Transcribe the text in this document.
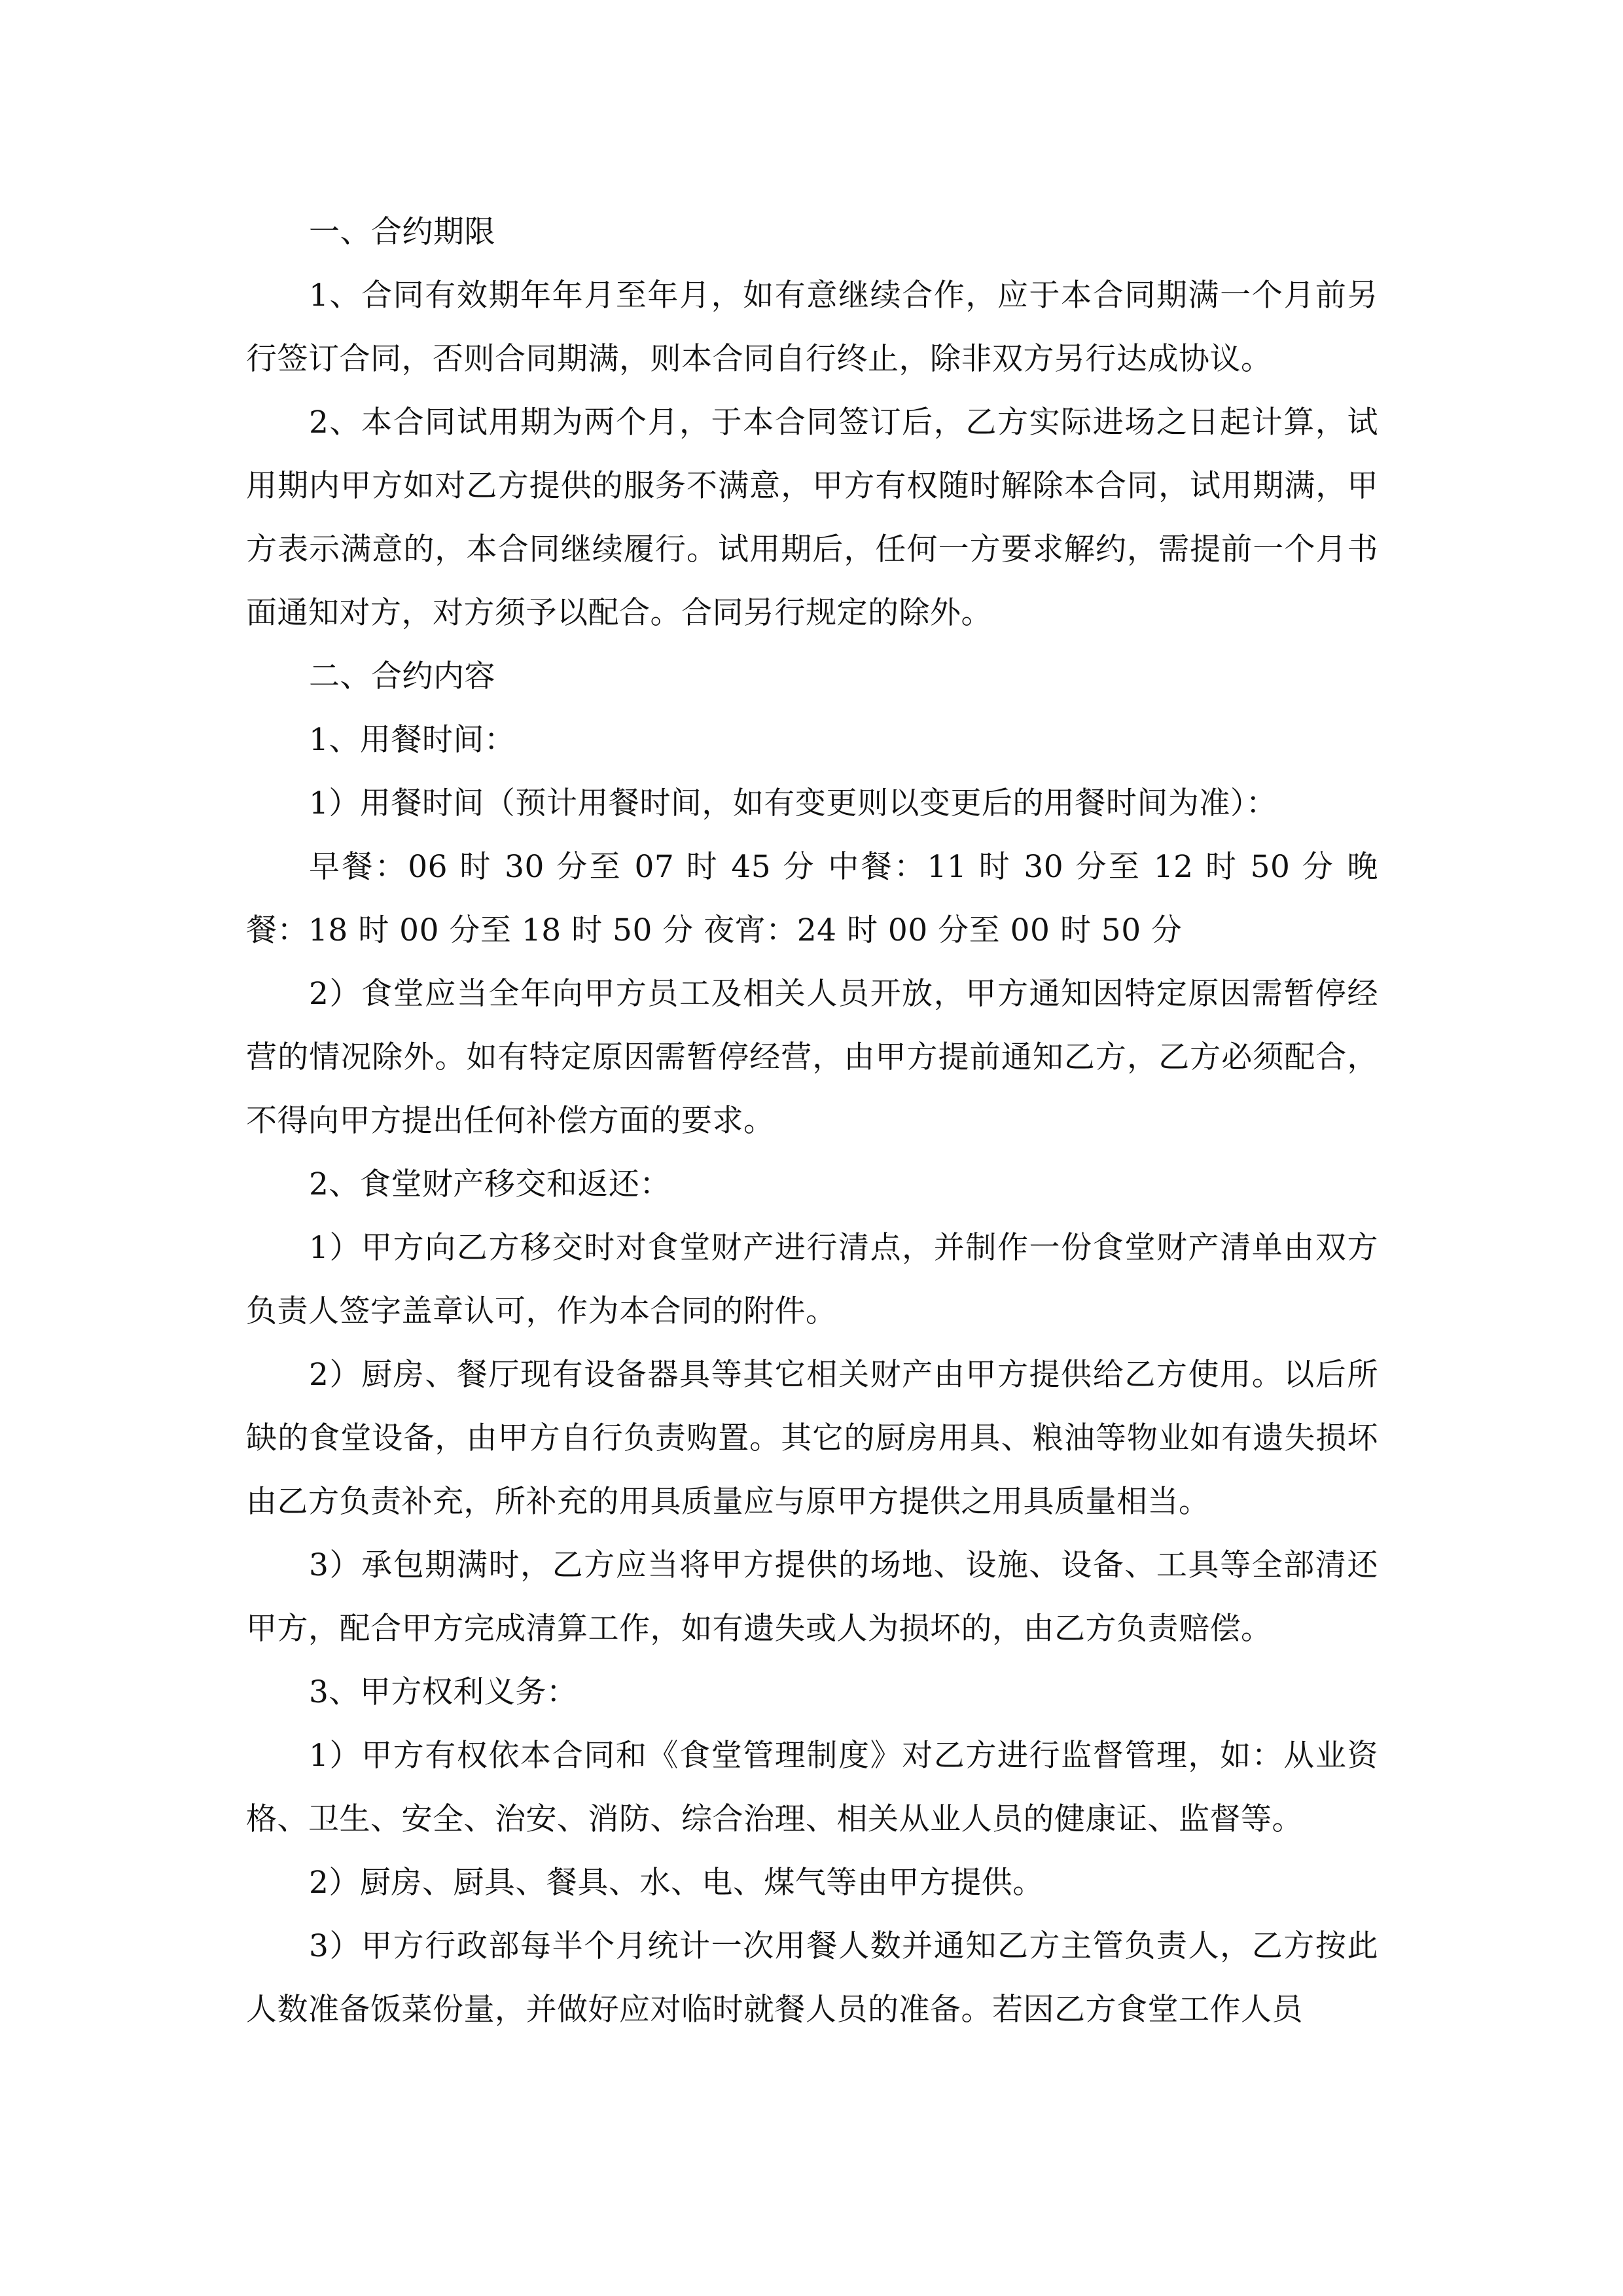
一、合约期限

1、合同有效期年年月至年月，如有意继续合作，应于本合同期满一个月前另行签订合同，否则合同期满，则本合同自行终止，除非双方另行达成协议。

2、本合同试用期为两个月，于本合同签订后，乙方实际进场之日起计算，试用期内甲方如对乙方提供的服务不满意，甲方有权随时解除本合同，试用期满，甲方表示满意的，本合同继续履行。试用期后，任何一方要求解约，需提前一个月书面通知对方，对方须予以配合。合同另行规定的除外。

二、合约内容

1、用餐时间：

1）用餐时间（预计用餐时间，如有变更则以变更后的用餐时间为准）：

早餐：06 时 30 分至 07 时 45 分 中餐：11 时 30 分至 12 时 50 分 晚餐：18 时 00 分至 18 时 50 分 夜宵：24 时 00 分至 00 时 50 分

2）食堂应当全年向甲方员工及相关人员开放，甲方通知因特定原因需暂停经营的情况除外。如有特定原因需暂停经营，由甲方提前通知乙方，乙方必须配合，不得向甲方提出任何补偿方面的要求。

2、食堂财产移交和返还：

1）甲方向乙方移交时对食堂财产进行清点，并制作一份食堂财产清单由双方负责人签字盖章认可，作为本合同的附件。

2）厨房、餐厅现有设备器具等其它相关财产由甲方提供给乙方使用。以后所缺的食堂设备，由甲方自行负责购置。其它的厨房用具、粮油等物业如有遗失损坏由乙方负责补充，所补充的用具质量应与原甲方提供之用具质量相当。

3）承包期满时，乙方应当将甲方提供的场地、设施、设备、工具等全部清还甲方，配合甲方完成清算工作，如有遗失或人为损坏的，由乙方负责赔偿。

3、甲方权利义务：

1）甲方有权依本合同和《食堂管理制度》对乙方进行监督管理，如：从业资格、卫生、安全、治安、消防、综合治理、相关从业人员的健康证、监督等。

2）厨房、厨具、餐具、水、电、煤气等由甲方提供。

3）甲方行政部每半个月统计一次用餐人数并通知乙方主管负责人，乙方按此人数准备饭菜份量，并做好应对临时就餐人员的准备。若因乙方食堂工作人员
